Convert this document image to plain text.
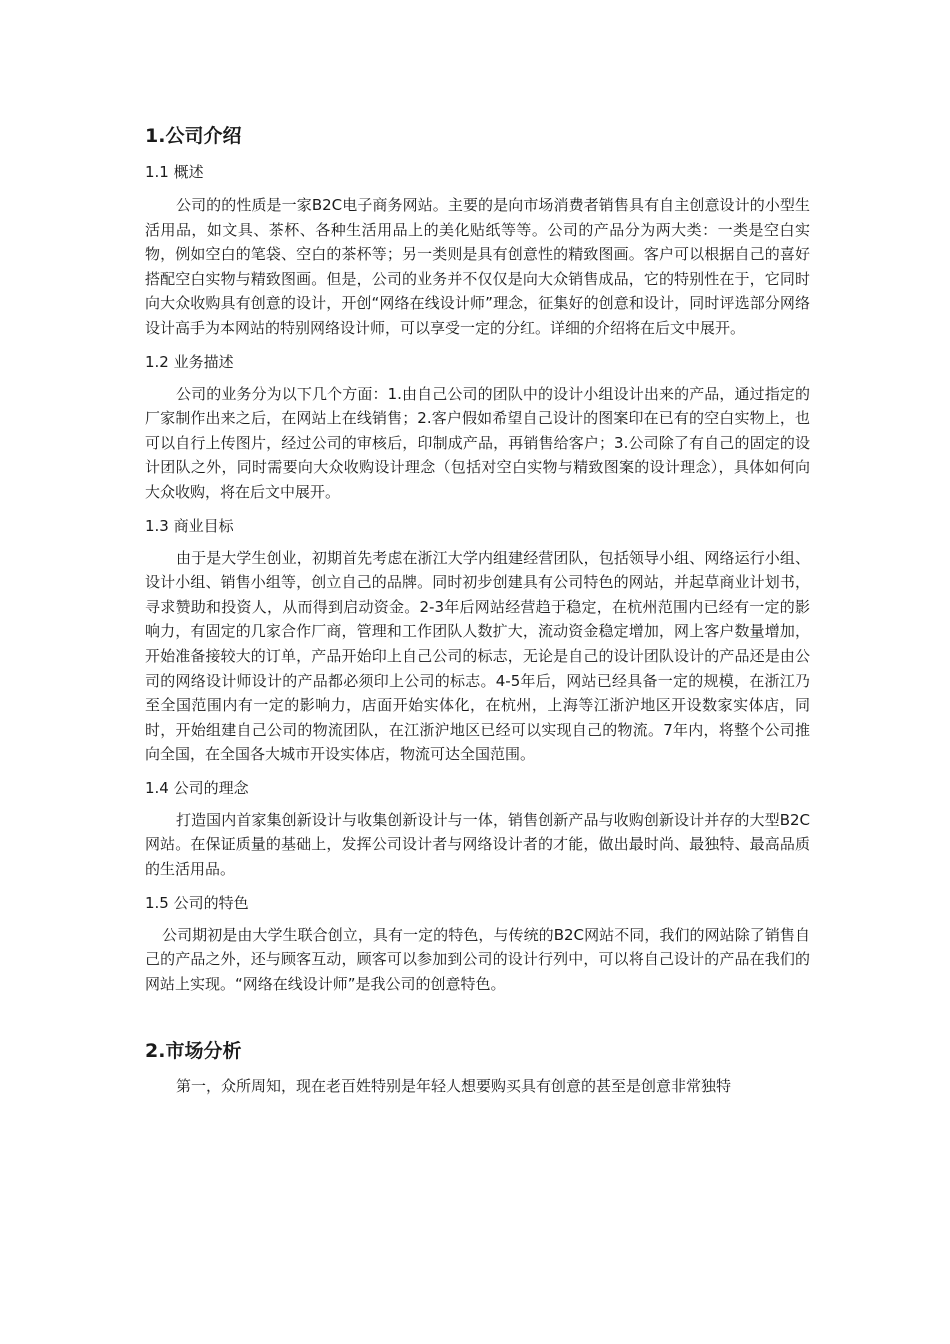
1.公司介绍
1.1 概述

公司的的性质是一家B2C电子商务网站。主要的是向市场消费者销售具有自主创意设计的小型生活用品，如文具、茶杯、各种生活用品上的美化贴纸等等。公司的产品分为两大类：一类是空白实物，例如空白的笔袋、空白的茶杯等；另一类则是具有创意性的精致图画。客户可以根据自己的喜好搭配空白实物与精致图画。但是，公司的业务并不仅仅是向大众销售成品，它的特别性在于，它同时向大众收购具有创意的设计，开创“网络在线设计师”理念，征集好的创意和设计，同时评选部分网络设计高手为本网站的特别网络设计师，可以享受一定的分红。详细的介绍将在后文中展开。

1.2 业务描述

公司的业务分为以下几个方面：1.由自己公司的团队中的设计小组设计出来的产品，通过指定的厂家制作出来之后，在网站上在线销售；2.客户假如希望自己设计的图案印在已有的空白实物上，也可以自行上传图片，经过公司的审核后，印制成产品，再销售给客户；3.公司除了有自己的固定的设计团队之外，同时需要向大众收购设计理念（包括对空白实物与精致图案的设计理念），具体如何向大众收购，将在后文中展开。

1.3 商业目标

由于是大学生创业，初期首先考虑在浙江大学内组建经营团队，包括领导小组、网络运行小组、设计小组、销售小组等，创立自己的品牌。同时初步创建具有公司特色的网站，并起草商业计划书，寻求赞助和投资人，从而得到启动资金。2-3年后网站经营趋于稳定，在杭州范围内已经有一定的影响力，有固定的几家合作厂商，管理和工作团队人数扩大，流动资金稳定增加，网上客户数量增加，开始准备接较大的订单，产品开始印上自己公司的标志，无论是自己的设计团队设计的产品还是由公司的网络设计师设计的产品都必须印上公司的标志。4-5年后，网站已经具备一定的规模，在浙江乃至全国范围内有一定的影响力，店面开始实体化，在杭州，上海等江浙沪地区开设数家实体店，同时，开始组建自己公司的物流团队，在江浙沪地区已经可以实现自己的物流。7年内，将整个公司推向全国，在全国各大城市开设实体店，物流可达全国范围。

1.4 公司的理念

打造国内首家集创新设计与收集创新设计与一体，销售创新产品与收购创新设计并存的大型B2C网站。在保证质量的基础上，发挥公司设计者与网络设计者的才能，做出最时尚、最独特、最高品质的生活用品。

1.5 公司的特色

公司期初是由大学生联合创立，具有一定的特色，与传统的B2C网站不同，我们的网站除了销售自己的产品之外，还与顾客互动，顾客可以参加到公司的设计行列中，可以将自己设计的产品在我们的网站上实现。“网络在线设计师”是我公司的创意特色。

2.市场分析

第一，众所周知，现在老百姓特别是年轻人想要购买具有创意的甚至是创意非常独特
